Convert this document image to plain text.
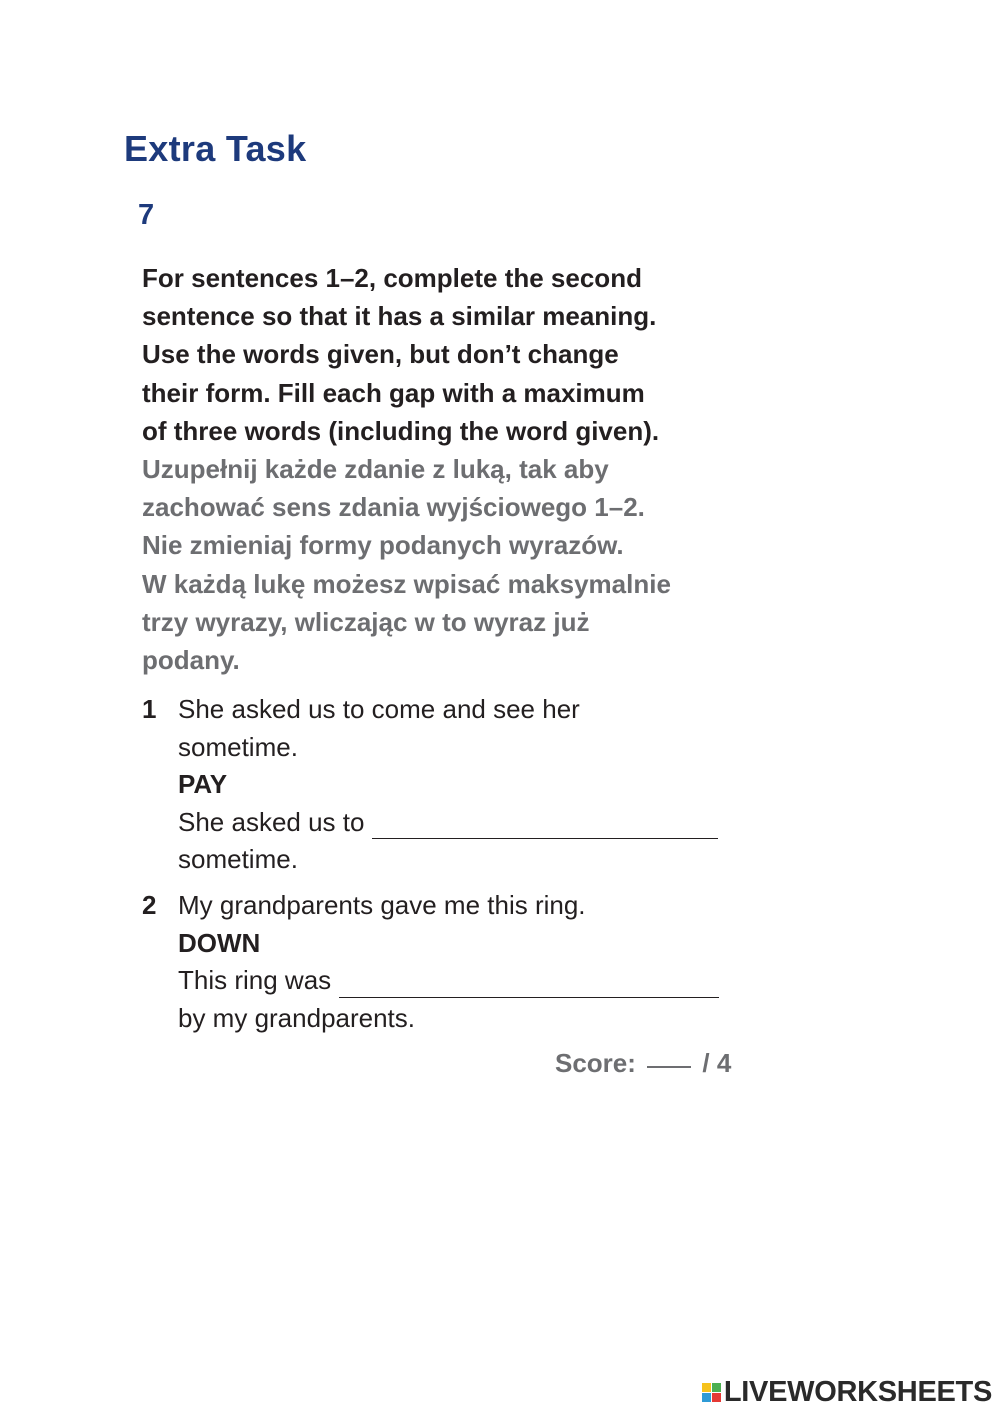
Extra Task
7
For sentences 1–2, complete the second
sentence so that it has a similar meaning.
Use the words given, but don’t change
their form. Fill each gap with a maximum
of three words (including the word given).
Uzupełnij każde zdanie z luką, tak aby
zachować sens zdania wyjściowego 1–2.
Nie zmieniaj formy podanych wyrazów.
W każdą lukę możesz wpisać maksymalnie
trzy wyrazy, wliczając w to wyraz już
podany.
1 She asked us to come and see her
sometime.
PAY
She asked us to
sometime.
2 My grandparents gave me this ring.
DOWN
This ring was
by my grandparents.
Score:	/ 4
LIVEWORKSHEETS
